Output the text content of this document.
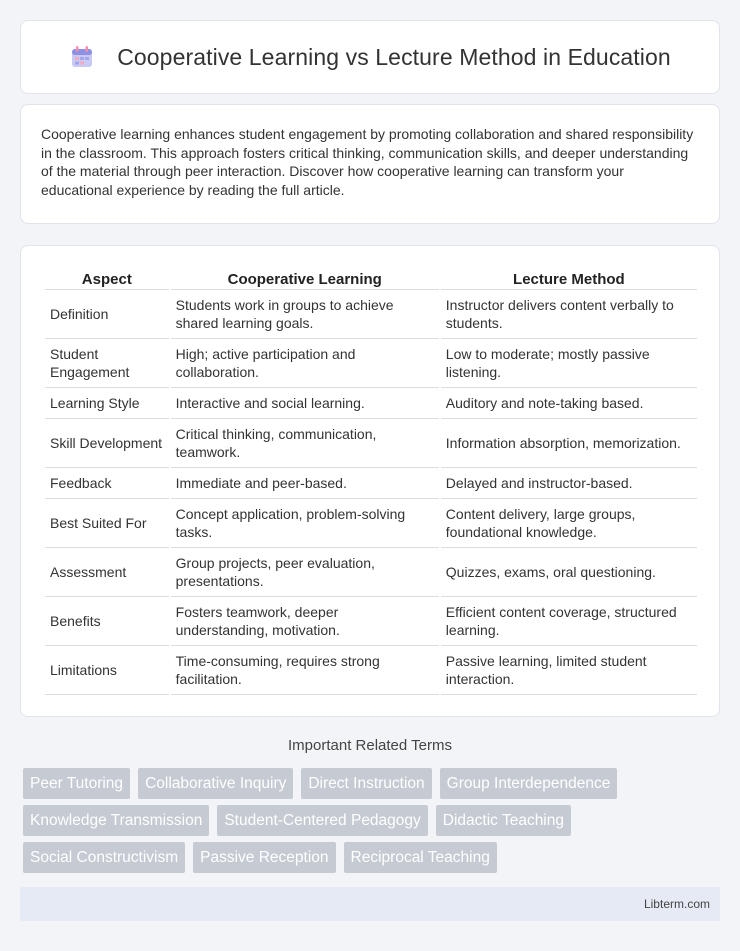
Cooperative Learning vs Lecture Method in Education

Cooperative learning enhances student engagement by promoting collaboration and shared responsibility in the classroom. This approach fosters critical thinking, communication skills, and deeper understanding of the material through peer interaction. Discover how cooperative learning can transform your educational experience by reading the full article.

Aspect	Cooperative Learning	Lecture Method
Definition	Students work in groups to achieve shared learning goals.	Instructor delivers content verbally to students.
Student Engagement	High; active participation and collaboration.	Low to moderate; mostly passive listening.
Learning Style	Interactive and social learning.	Auditory and note-taking based.
Skill Development	Critical thinking, communication, teamwork.	Information absorption, memorization.
Feedback	Immediate and peer-based.	Delayed and instructor-based.
Best Suited For	Concept application, problem-solving tasks.	Content delivery, large groups, foundational knowledge.
Assessment	Group projects, peer evaluation, presentations.	Quizzes, exams, oral questioning.
Benefits	Fosters teamwork, deeper understanding, motivation.	Efficient content coverage, structured learning.
Limitations	Time-consuming, requires strong facilitation.	Passive learning, limited student interaction.
Important Related Terms
Peer Tutoring	Collaborative Inquiry	Direct Instruction	Group Interdependence
Knowledge Transmission	Student-Centered Pedagogy	Didactic Teaching
Social Constructivism	Passive Reception	Reciprocal Teaching
Libterm.com
